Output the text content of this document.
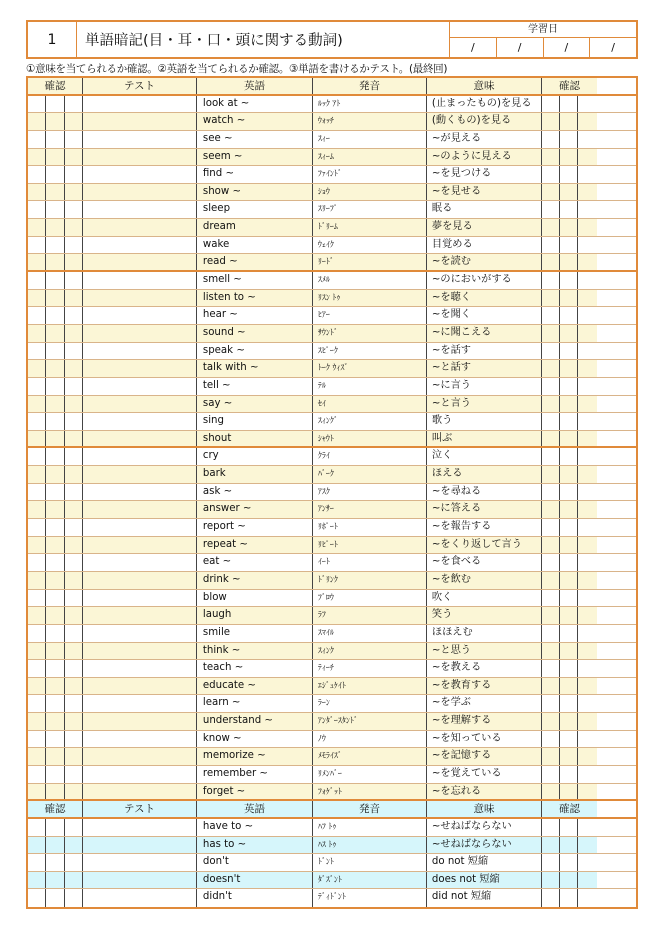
1	単語暗記(目・耳・口・頭に関する動詞)
学習日
/	/	/	/
①意味を当てられるか確認。②英語を当てられるか確認。③単語を書けるかテスト。(最終回)
確認	テスト	英語	発音	意味	確認
look at ~	ﾙｯｸ ｱﾄ	(止まったもの)を見る
watch ~	ｳｫｯﾁ	(動くもの)を見る
see ~	ｽｨｰ	~が見える
seem ~	ｽｨｰﾑ	~のように見える
find ~	ﾌｧｲﾝﾄﾞ	~を見つける
show ~	ｼｮｳ	~を見せる
sleep	ｽﾘｰﾌﾟ	眠る
dream	ﾄﾞﾘｰﾑ	夢を見る
wake	ｳｪｲｸ	目覚める
read ~	ﾘｰﾄﾞ	~を読む
smell ~	ｽﾒﾙ	~のにおいがする
listen to ~	ﾘｽﾝ ﾄｩ	~を聴く
hear ~	ﾋｱｰ	~を聞く
sound ~	ｻｳﾝﾄﾞ	~に聞こえる
speak ~	ｽﾋﾟｰｸ	~を話す
talk with ~	ﾄｰｸ ｳｨｽﾞ	~と話す
tell ~	ﾃﾙ	~に言う
say ~	ｾｲ	~と言う
sing	ｽｨﾝｸﾞ	歌う
shout	ｼｬｳﾄ	叫ぶ
cry	ｸﾗｲ	泣く
bark	ﾊﾞｰｸ	ほえる
ask ~	ｱｽｸ	~を尋ねる
answer ~	ｱﾝｻｰ	~に答える
report ~	ﾘﾎﾟｰﾄ	~を報告する
repeat ~	ﾘﾋﾟｰﾄ	~をくり返して言う
eat ~	ｲｰﾄ	~を食べる
drink ~	ﾄﾞﾘﾝｸ	~を飲む
blow	ﾌﾞﾛｳ	吹く
laugh	ﾗﾌ	笑う
smile	ｽﾏｲﾙ	ほほえむ
think ~	ｽｨﾝｸ	~と思う
teach ~	ﾃｨｰﾁ	~を教える
educate ~	ｴｼﾞｭｹｲﾄ	~を教育する
learn ~	ﾗｰﾝ	~を学ぶ
understand ~	ｱﾝﾀﾞｰｽﾀﾝﾄﾞ	~を理解する
know ~	ﾉｳ	~を知っている
memorize ~	ﾒﾓﾗｲｽﾞ	~を記憶する
remember ~	ﾘﾒﾝﾊﾞｰ	~を覚えている
forget ~	ﾌｫｹﾞｯﾄ	~を忘れる
確認	テスト	英語	発音	意味	確認
have to ~	ﾊﾌ ﾄｩ	~せねばならない
has to ~	ﾊｽ ﾄｩ	~せねばならない
don't	ﾄﾞﾝﾄ	do not 短縮
doesn't	ﾀﾞｽﾞﾝﾄ	does not 短縮
didn't	ﾃﾞｨﾄﾞﾝﾄ	did not 短縮
